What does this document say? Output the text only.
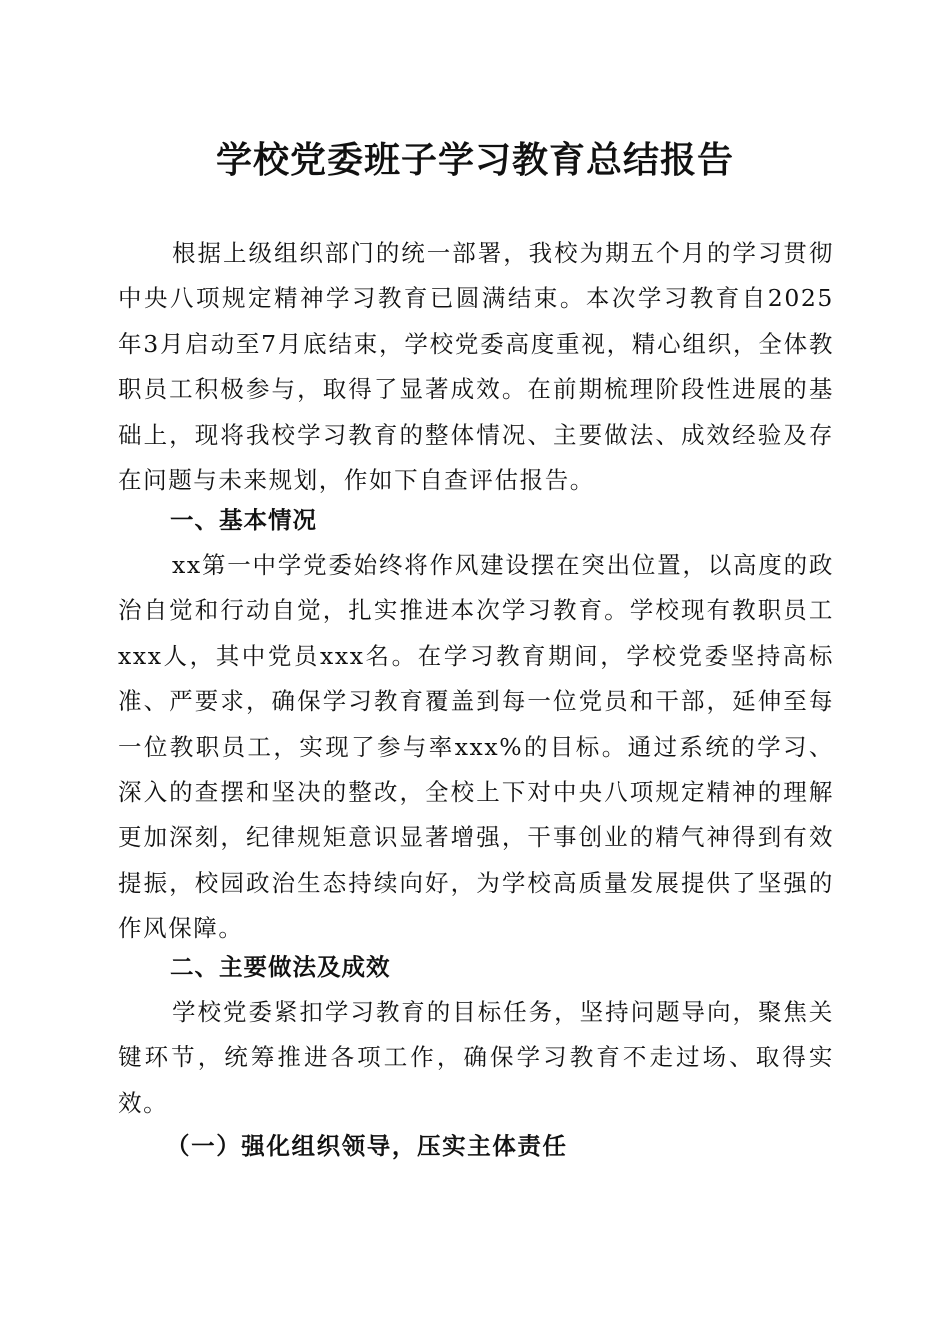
学校党委班子学习教育总结报告

根据上级组织部门的统一部署，我校为期五个月的学习贯彻中央八项规定精神学习教育已圆满结束。本次学习教育自2025年3月启动至7月底结束，学校党委高度重视，精心组织，全体教职员工积极参与，取得了显著成效。在前期梳理阶段性进展的基础上，现将我校学习教育的整体情况、主要做法、成效经验及存在问题与未来规划，作如下自查评估报告。

一、基本情况

xx第一中学党委始终将作风建设摆在突出位置，以高度的政治自觉和行动自觉，扎实推进本次学习教育。学校现有教职员工xxx人，其中党员xxx名。在学习教育期间，学校党委坚持高标准、严要求，确保学习教育覆盖到每一位党员和干部，延伸至每一位教职员工，实现了参与率xxx%的目标。通过系统的学习、深入的查摆和坚决的整改，全校上下对中央八项规定精神的理解更加深刻，纪律规矩意识显著增强，干事创业的精气神得到有效提振，校园政治生态持续向好，为学校高质量发展提供了坚强的作风保障。

二、主要做法及成效

学校党委紧扣学习教育的目标任务，坚持问题导向，聚焦关键环节，统筹推进各项工作，确保学习教育不走过场、取得实效。

（一）强化组织领导，压实主体责任
